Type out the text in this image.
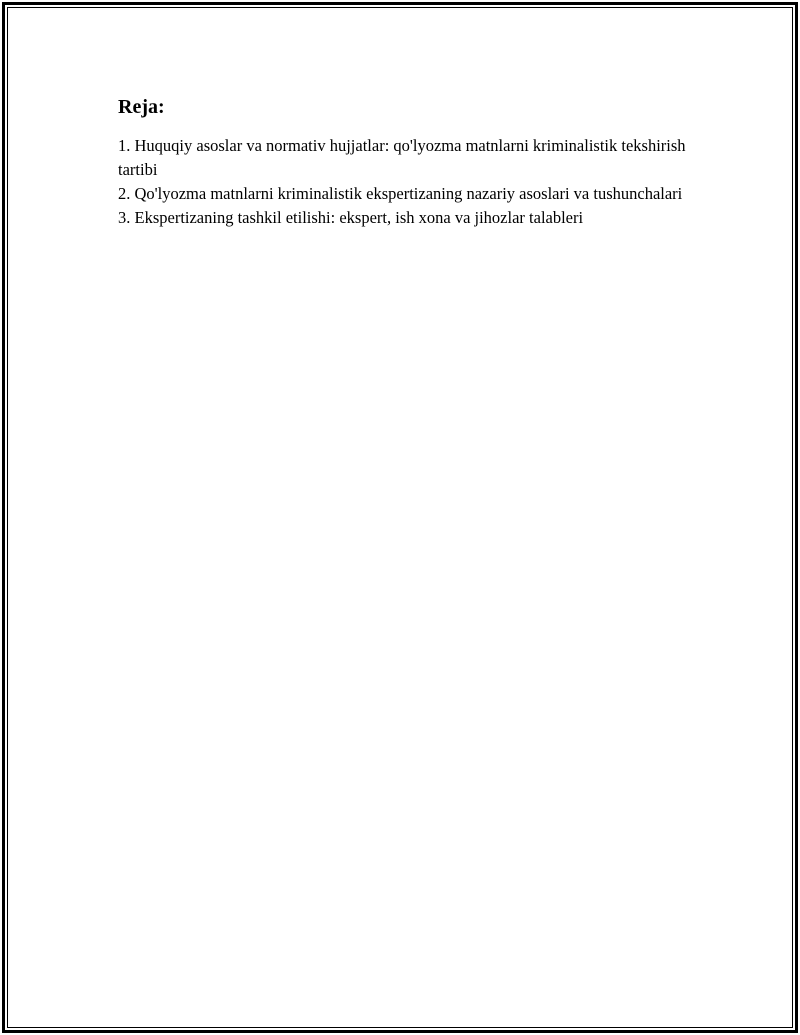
Reja:
1. Huquqiy asoslar va normativ hujjatlar: qo'lyozma matnlarni kriminalistik tekshirish tartibi
2. Qo'lyozma matnlarni kriminalistik ekspertizaning nazariy asoslari va tushunchalari
3. Ekspertizaning tashkil etilishi: ekspert, ish xona va jihozlar talableri
